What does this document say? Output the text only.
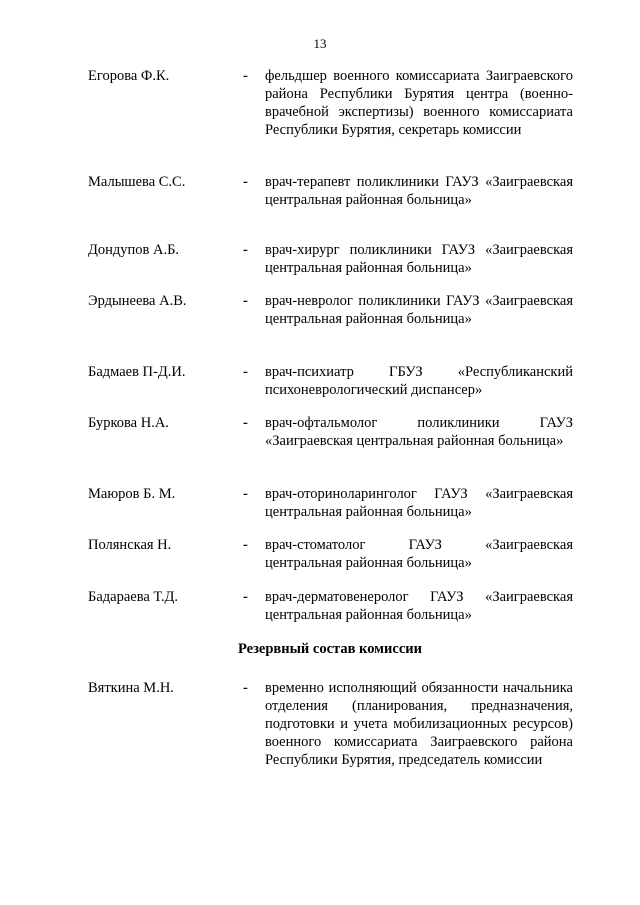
13
Егорова Ф.К.	- фельдшер военного комиссариата Заиграевского района Республики Бурятия центра (военно-врачебной экспертизы) военного комиссариата Республики Бурятия, секретарь комиссии
Малышева С.С.	- врач-терапевт поликлиники ГАУЗ «Заиграевская центральная районная больница»
Дондупов А.Б.	- врач-хирург поликлиники ГАУЗ «Заиграевская центральная районная больница»
Эрдынеева А.В.	- врач-невролог поликлиники ГАУЗ «Заиграевская центральная районная больница»
Бадмаев П-Д.И.	- врач-психиатр ГБУЗ «Республиканский психоневрологический диспансер»
Буркова Н.А.	- врач-офтальмолог поликлиники ГАУЗ «Заиграевская центральная районная больница»
Маюров Б. М.	- врач-оториноларинголог ГАУЗ «Заиграевская центральная районная больница»
Полянская Н.	- врач-стоматолог ГАУЗ «Заиграевская центральная районная больница»
Бадараева Т.Д.	- врач-дерматовенеролог ГАУЗ «Заиграевская центральная районная больница»
Резервный состав комиссии
Вяткина М.Н.	- временно исполняющий обязанности начальника отделения (планирования, предназначения, подготовки и учета мобилизационных ресурсов) военного комиссариата Заиграевского района Республики Бурятия, председатель комиссии
